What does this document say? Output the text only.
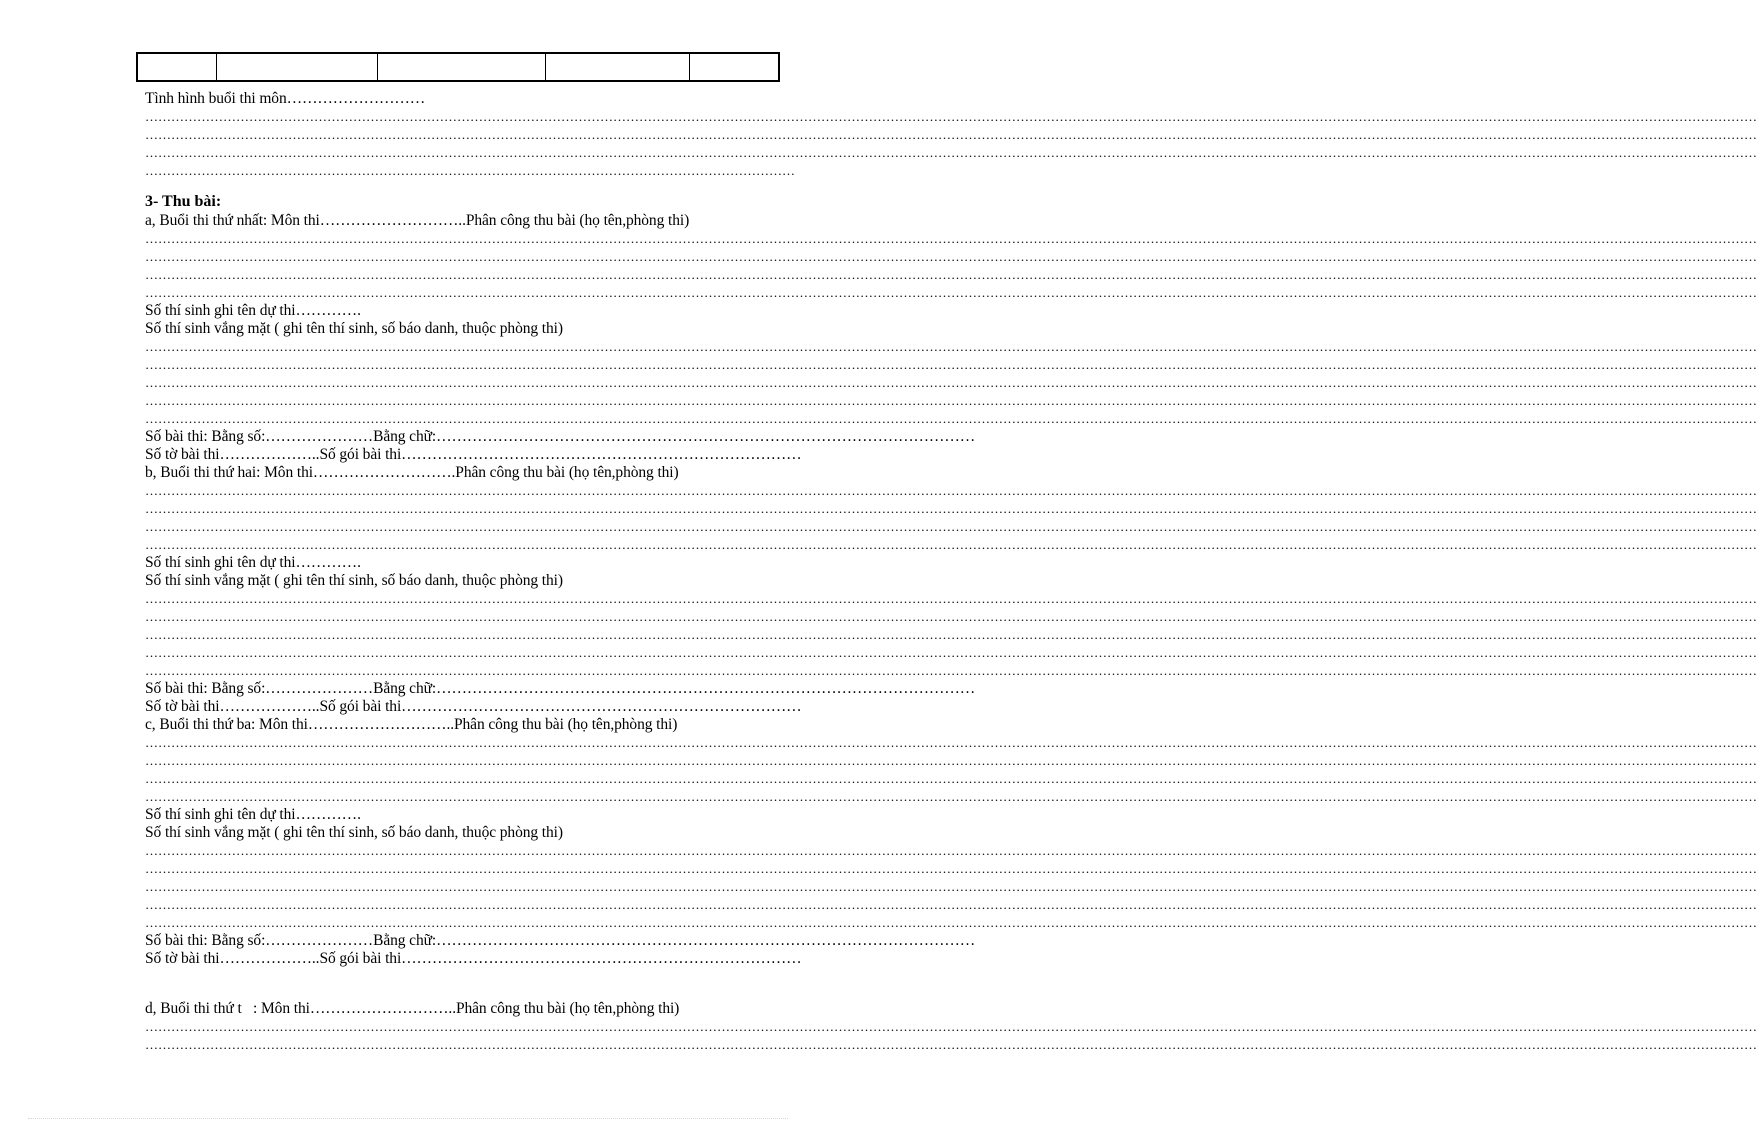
Tình hình buổi thi môn………………………
…………………………………………………………………………………………………………………………………………………………………………………………………………………………………………………………………………………………………………………………………………
…………………………………………………………………………………………………………………………………………………………………………………………………………………………………………………………………………………………………………………………………………
…………………………………………………………………………………………………………………………………………………………………………………………………………………………………………………………………………………………………………………………………………
……………………………………………………………………………………………………………………………………
3- Thu bài:
a, Buổi thi thứ nhất: Môn thi………………………..Phân công thu bài (họ tên,phòng thi)
…………………………………………………………………………………………………………………………………………………………………………………………………………………………………………………………………………………………………………………………………………
…………………………………………………………………………………………………………………………………………………………………………………………………………………………………………………………………………………………………………………………………………
…………………………………………………………………………………………………………………………………………………………………………………………………………………………………………………………………………………………………………………………………………
…………………………………………………………………………………………………………………………………………………………………………………………………………………………………………………………………………………………………………………………………………
Số thí sinh ghi tên dự thi………….
Số thí sinh vắng mặt ( ghi tên thí sinh, số báo danh, thuộc phòng thi)
…………………………………………………………………………………………………………………………………………………………………………………………………………………………………………………………………………………………………………………………………………
…………………………………………………………………………………………………………………………………………………………………………………………………………………………………………………………………………………………………………………………………………
…………………………………………………………………………………………………………………………………………………………………………………………………………………………………………………………………………………………………………………………………………
…………………………………………………………………………………………………………………………………………………………………………………………………………………………………………………………………………………………………………………………………………
…………………………………………………………………………………………………………………………………………………………………………………………………………………………………………………………………………………………………………………………………………
Số bài thi: Bằng số:…………………Bằng chữ:……………………………………………………………………………………………
Số tờ bài thi………………..Số gói bài thi……………………………………………………………………
b, Buổi thi thứ hai: Môn thi……………………….Phân công thu bài (họ tên,phòng thi)
…………………………………………………………………………………………………………………………………………………………………………………………………………………………………………………………………………………………………………………………………………
…………………………………………………………………………………………………………………………………………………………………………………………………………………………………………………………………………………………………………………………………………
…………………………………………………………………………………………………………………………………………………………………………………………………………………………………………………………………………………………………………………………………………
…………………………………………………………………………………………………………………………………………………………………………………………………………………………………………………………………………………………………………………………………………
Số thí sinh ghi tên dự thi………….
Số thí sinh vắng mặt ( ghi tên thí sinh, số báo danh, thuộc phòng thi)
…………………………………………………………………………………………………………………………………………………………………………………………………………………………………………………………………………………………………………………………………………
…………………………………………………………………………………………………………………………………………………………………………………………………………………………………………………………………………………………………………………………………………
…………………………………………………………………………………………………………………………………………………………………………………………………………………………………………………………………………………………………………………………………………
…………………………………………………………………………………………………………………………………………………………………………………………………………………………………………………………………………………………………………………………………………
…………………………………………………………………………………………………………………………………………………………………………………………………………………………………………………………………………………………………………………………………………
Số bài thi: Bằng số:…………………Bằng chữ:……………………………………………………………………………………………
Số tờ bài thi………………..Số gói bài thi……………………………………………………………………
c, Buổi thi thứ ba: Môn thi………………………..Phân công thu bài (họ tên,phòng thi)
…………………………………………………………………………………………………………………………………………………………………………………………………………………………………………………………………………………………………………………………………………
…………………………………………………………………………………………………………………………………………………………………………………………………………………………………………………………………………………………………………………………………………
…………………………………………………………………………………………………………………………………………………………………………………………………………………………………………………………………………………………………………………………………………
…………………………………………………………………………………………………………………………………………………………………………………………………………………………………………………………………………………………………………………………………………
Số thí sinh ghi tên dự thi………….
Số thí sinh vắng mặt ( ghi tên thí sinh, số báo danh, thuộc phòng thi)
…………………………………………………………………………………………………………………………………………………………………………………………………………………………………………………………………………………………………………………………………………
…………………………………………………………………………………………………………………………………………………………………………………………………………………………………………………………………………………………………………………………………………
…………………………………………………………………………………………………………………………………………………………………………………………………………………………………………………………………………………………………………………………………………
…………………………………………………………………………………………………………………………………………………………………………………………………………………………………………………………………………………………………………………………………………
…………………………………………………………………………………………………………………………………………………………………………………………………………………………………………………………………………………………………………………………………………
Số bài thi: Bằng số:…………………Bằng chữ:……………………………………………………………………………………………
Số tờ bài thi………………..Số gói bài thi……………………………………………………………………
d, Buổi thi thứ t   : Môn thi………………………..Phân công thu bài (họ tên,phòng thi)
…………………………………………………………………………………………………………………………………………………………………………………………………………………………………………………………………………………………………………………………………………
…………………………………………………………………………………………………………………………………………………………………………………………………………………………………………………………………………………………………………………………………………
